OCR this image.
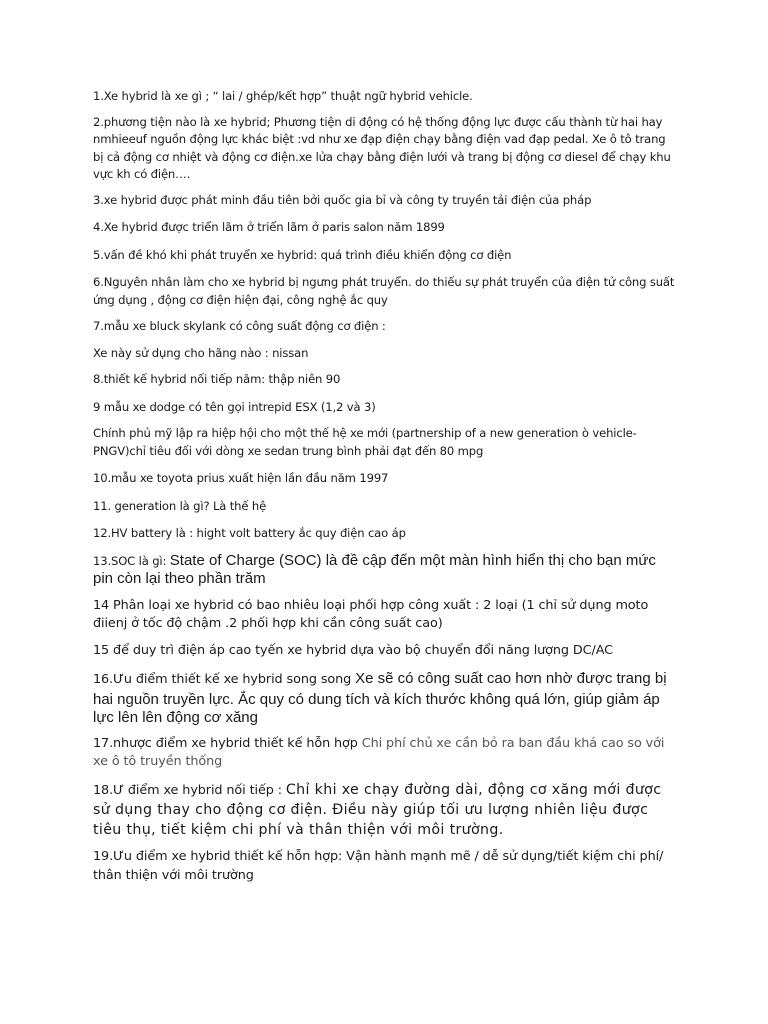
1.Xe hybrid là xe gì ; “ lai / ghép/kết hợp” thuật ngữ hybrid vehicle.

2.phương tiện nào là xe hybrid; Phương tiện di động có hệ thống động lực được cấu thành từ hai hay nmhieeuf nguồn động lực khác biệt :vd như xe đạp điện chạy bằng điện vad đạp pedal. Xe ô tô trang bị cả động cơ nhiệt và động cơ điện.xe lửa chạy bằng điện lưới và trang bị động cơ diesel để chạy khu vực kh có điện….

3.xe hybrid được phát minh đầu tiên bởi quốc gia bỉ và công ty truyền tải điện của pháp

4.Xe hybrid được triển lãm ở triển lãm ở paris salon năm 1899

5.vấn đề khó khi phát truyển xe hybrid: quá trình điều khiển động cơ điện

6.Nguyên nhân làm cho xe hybrid bị ngưng phát truyển. do thiếu sự phát truyển của điện tử công suất ứng dụng , động cơ điện hiện đại, công nghệ ắc quy

7.mẫu xe bluck skylank có công suất động cơ điện :

Xe này sử dụng cho hãng nào : nissan

8.thiết kế hybrid nối tiếp năm: thập niên 90

9 mẫu xe dodge có tên gọi intrepid ESX (1,2 và 3)

Chính phủ mỹ lập ra hiệp hội cho một thế hệ xe mới (partnership of a new generation ò vehicle-PNGV)chỉ tiêu đối với dòng xe sedan trung bình phải đạt đến 80 mpg

10.mẫu xe toyota prius xuất hiện lần đầu năm 1997

11. generation là gì? Là thế hệ

12.HV battery là : hight volt battery ắc quy điện cao áp

13.SOC là gì: State of Charge (SOC) là đề cập đến một màn hình hiển thị cho bạn mức pin còn lại theo phần trăm

14 Phân loại xe hybrid có bao nhiêu loại phối hợp công xuất : 2 loại (1 chỉ sử dụng moto điienj ở tốc độ chậm .2 phối hợp khi cần công suất cao)

15 để duy trì điện áp cao tyến xe hybrid dựa vào bộ chuyển đổi năng lượng DC/AC

16.Ưu điểm thiết kế xe hybrid song song Xe sẽ có công suất cao hơn nhờ được trang bị hai nguồn truyền lực. Ắc quy có dung tích và kích thước không quá lớn, giúp giảm áp lực lên lên động cơ xăng

17.nhược điểm xe hybrid thiết kế hỗn hợp Chi phí chủ xe cần bỏ ra ban đầu khá cao so với xe ô tô truyền thống

18.Ư điểm xe hybrid nối tiếp : Chỉ khi xe chạy đường dài, động cơ xăng mới được sử dụng thay cho động cơ điện. Điều này giúp tối ưu lượng nhiên liệu được tiêu thụ, tiết kiệm chi phí và thân thiện với môi trường.

19.Ưu điểm xe hybrid thiết kế hỗn hợp: Vận hành mạnh mẽ / dễ sử dụng/tiết kiệm chi phí/ thân thiện với môi trường
